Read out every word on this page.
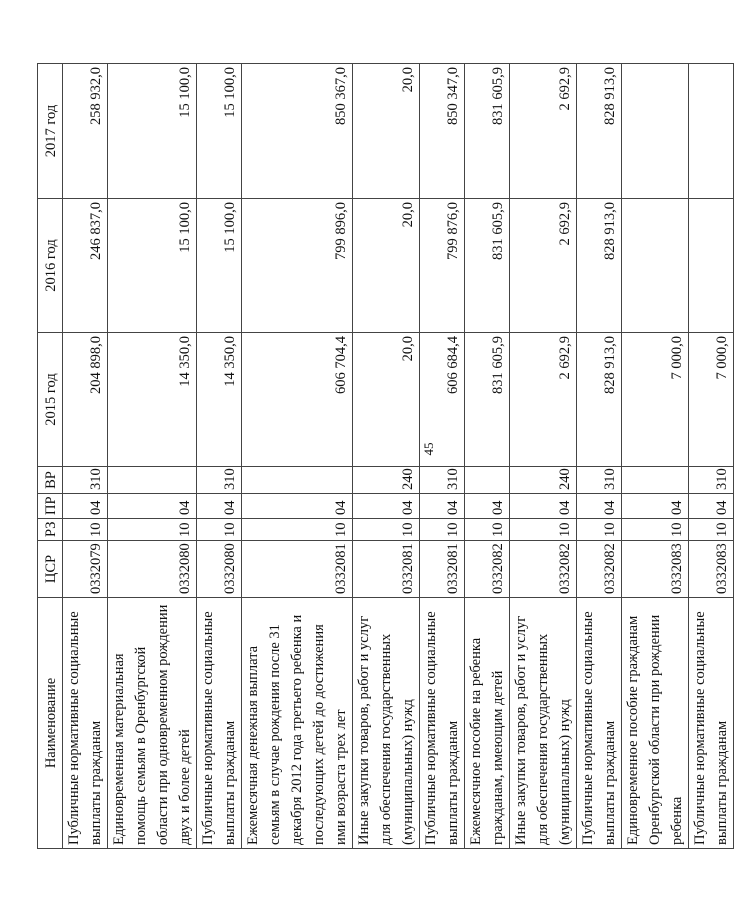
45
Наименование	ЦСР	РЗ	ПР	ВР	2015 год	2016 год	2017 год
Публичные нормативные социальные выплаты гражданам	0332079	10	04	310	204 898,0	246 837,0	258 932,0
Единовременная материальная помощь семьям в Оренбургской области при одновременном рождении двух и более детей	0332080	10	04		14 350,0	15 100,0	15 100,0
Публичные нормативные социальные выплаты гражданам	0332080	10	04	310	14 350,0	15 100,0	15 100,0
Ежемесячная денежная выплата семьям в случае рождения после 31 декабря 2012 года третьего ребенка и последующих детей до достижения ими возраста трех лет	0332081	10	04		606 704,4	799 896,0	850 367,0
Иные закупки товаров, работ и услуг для обеспечения государственных (муниципальных) нужд	0332081	10	04	240	20,0	20,0	20,0
Публичные нормативные социальные выплаты гражданам	0332081	10	04	310	606 684,4	799 876,0	850 347,0
Ежемесячное пособие на ребенка гражданам, имеющим детей	0332082	10	04		831 605,9	831 605,9	831 605,9
Иные закупки товаров, работ и услуг для обеспечения государственных (муниципальных) нужд	0332082	10	04	240	2 692,9	2 692,9	2 692,9
Публичные нормативные социальные выплаты гражданам	0332082	10	04	310	828 913,0	828 913,0	828 913,0
Единовременное пособие гражданам Оренбургской области при рождении ребенка	0332083	10	04		7 000,0		
Публичные нормативные социальные выплаты гражданам	0332083	10	04	310	7 000,0		
